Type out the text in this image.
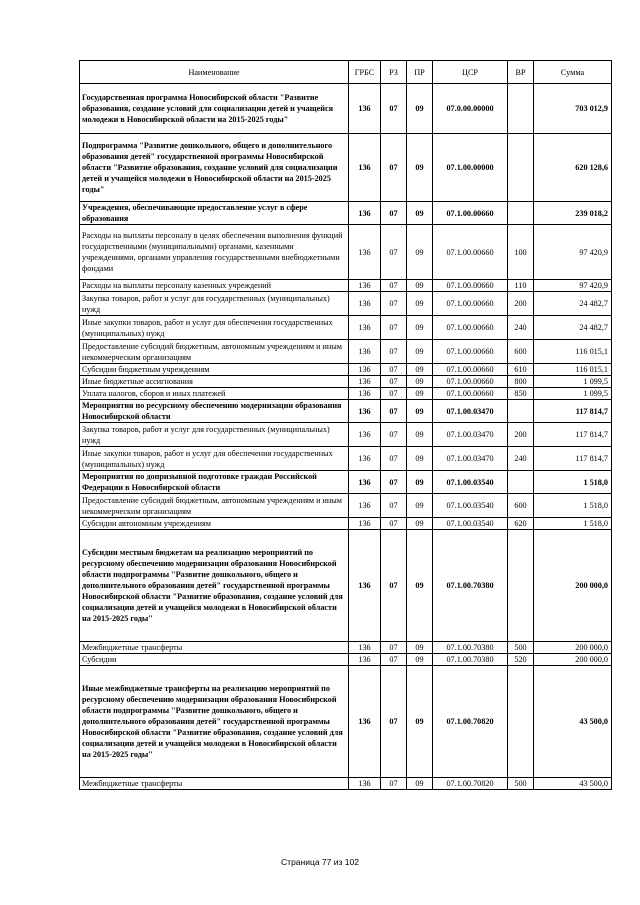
Наименование	ГРБС	РЗ	ПР	ЦСР	ВР	Сумма
Государственная программа Новосибирской области "Развитие образования, создание условий для социализации детей и учащейся молодежи в Новосибирской области на 2015-2025 годы"	136	07	09	07.0.00.00000		703 012,9
Подпрограмма "Развитие дошкольного, общего и дополнительного образования детей" государственной программы Новосибирской области "Развитие образования, создание условий для социализации детей и учащейся молодежи в Новосибирской области на 2015-2025 годы"	136	07	09	07.1.00.00000		620 128,6
Учреждения, обеспечивающие предоставление услуг в сфере образования	136	07	09	07.1.00.00660		239 018,2
Расходы на выплаты персоналу в целях обеспечения выполнения функций государственными (муниципальными) органами, казенными учреждениями, органами управления государственными внебюджетными фондами	136	07	09	07.1.00.00660	100	97 420,9
Расходы на выплаты персоналу казенных учреждений	136	07	09	07.1.00.00660	110	97 420,9
Закупка товаров, работ и услуг для государственных (муниципальных) нужд	136	07	09	07.1.00.00660	200	24 482,7
Иные закупки товаров, работ и услуг для обеспечения государственных (муниципальных) нужд	136	07	09	07.1.00.00660	240	24 482,7
Предоставление субсидий бюджетным, автономным учреждениям и иным некоммерческим организациям	136	07	09	07.1.00.00660	600	116 015,1
Субсидии бюджетным учреждениям	136	07	09	07.1.00.00660	610	116 015,1
Иные бюджетные ассигнования	136	07	09	07.1.00.00660	800	1 099,5
Уплата налогов, сборов и иных платежей	136	07	09	07.1.00.00660	850	1 099,5
Мероприятия по ресурсному обеспечению модернизации образования Новосибирской области	136	07	09	07.1.00.03470		117 814,7
Закупка товаров, работ и услуг для государственных (муниципальных) нужд	136	07	09	07.1.00.03470	200	117 814,7
Иные закупки товаров, работ и услуг для обеспечения государственных (муниципальных) нужд	136	07	09	07.1.00.03470	240	117 814,7
Мероприятия по допризывной подготовке граждан Российской Федерации в Новосибирской области	136	07	09	07.1.00.03540		1 518,0
Предоставление субсидий бюджетным, автономным учреждениям и иным некоммерческим организациям	136	07	09	07.1.00.03540	600	1 518,0
Субсидии автономным учреждениям	136	07	09	07.1.00.03540	620	1 518,0
Субсидии местным бюджетам на реализацию мероприятий по ресурсному обеспечению модернизации образования Новосибирской области подпрограммы "Развитие дошкольного, общего и дополнительного образования детей" государственной программы Новосибирской области "Развитие образования, создание условий для социализации детей и учащейся молодежи в Новосибирской области на 2015-2025 годы"	136	07	09	07.1.00.70380		200 000,0
Межбюджетные трансферты	136	07	09	07.1.00.70380	500	200 000,0
Субсидии	136	07	09	07.1.00.70380	520	200 000,0
Иные межбюджетные трансферты на реализацию мероприятий по ресурсному обеспечению модернизации образования Новосибирской области подпрограммы "Развитие дошкольного, общего и дополнительного образования детей" государственной программы Новосибирской области "Развитие образования, создание условий для социализации детей и учащейся молодежи в Новосибирской области на 2015-2025 годы"	136	07	09	07.1.00.70820		43 500,0
Межбюджетные трансферты	136	07	09	07.1.00.70820	500	43 500,0
Страница 77 из 102
